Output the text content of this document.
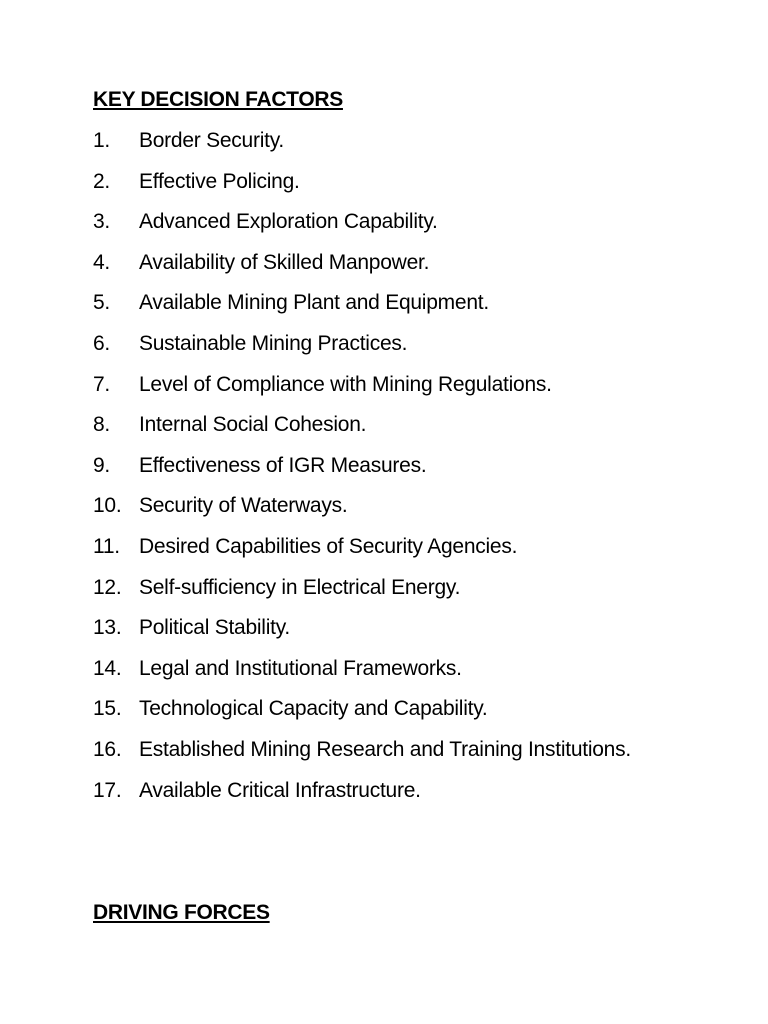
KEY DECISION FACTORS
1. Border Security.
2. Effective Policing.
3. Advanced Exploration Capability.
4. Availability of Skilled Manpower.
5. Available Mining Plant and Equipment.
6. Sustainable Mining Practices.
7. Level of Compliance with Mining Regulations.
8. Internal Social Cohesion.
9. Effectiveness of IGR Measures.
10. Security of Waterways.
11. Desired Capabilities of Security Agencies.
12. Self-sufficiency in Electrical Energy.
13. Political Stability.
14. Legal and Institutional Frameworks.
15. Technological Capacity and Capability.
16. Established Mining Research and Training Institutions.
17. Available Critical Infrastructure.
DRIVING FORCES
